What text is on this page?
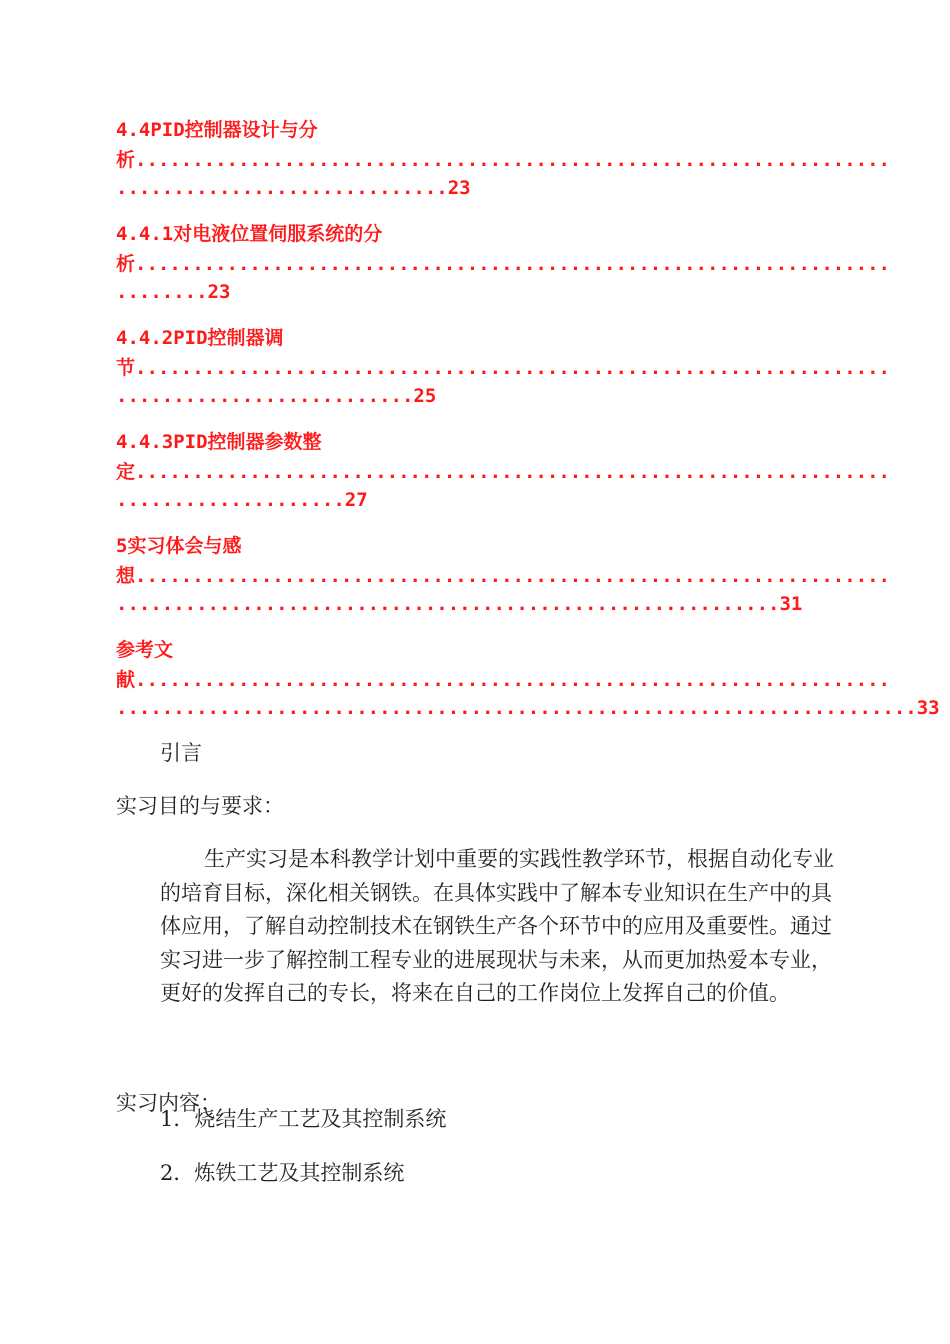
4.4PID控制器设计与分
析..................................................................
.............................23
4.4.1对电液位置伺服系统的分
析..................................................................
........23
4.4.2PID控制器调
节..................................................................
..........................25
4.4.3PID控制器参数整
定..................................................................
....................27
5实习体会与感
想..................................................................
..........................................................31
参考文
献..................................................................
......................................................................33
引言
实习目的与要求：
生产实习是本科教学计划中重要的实践性教学环节，根据自动化专业
的培育目标，深化相关钢铁。在具体实践中了解本专业知识在生产中的具
体应用，了解自动控制技术在钢铁生产各个环节中的应用及重要性。通过
实习进一步了解控制工程专业的进展现状与未来，从而更加热爱本专业，
更好的发挥自己的专长，将来在自己的工作岗位上发挥自己的价值。
实习内容：
1．烧结生产工艺及其控制系统
2．炼铁工艺及其控制系统
